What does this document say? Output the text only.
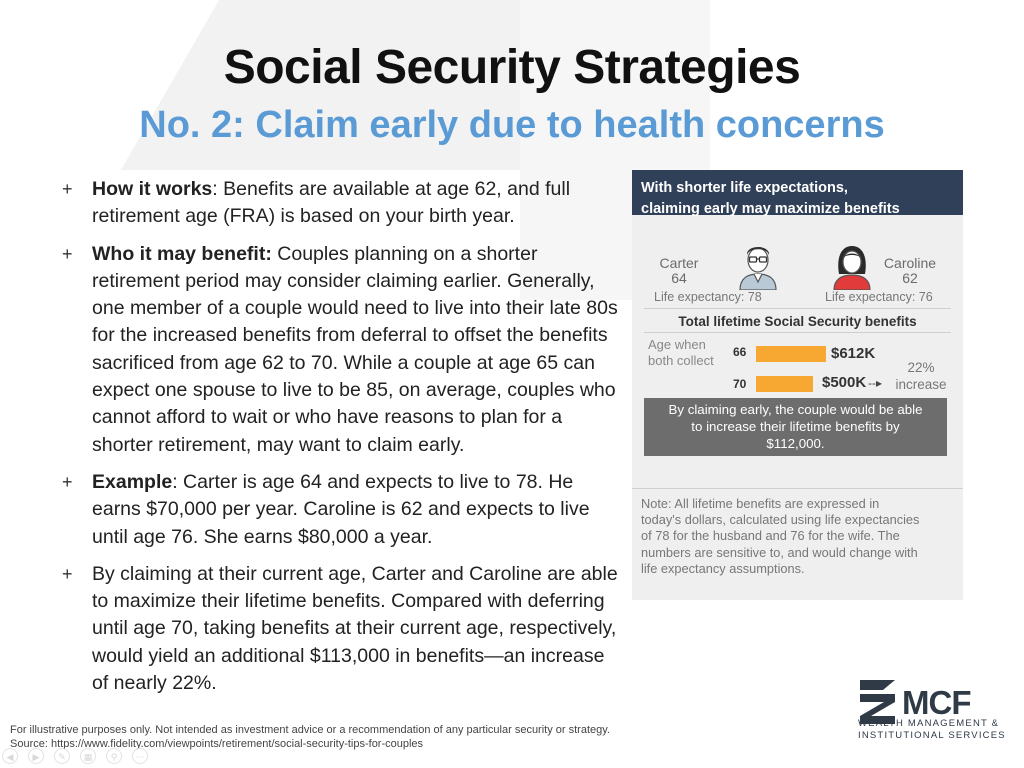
Social Security Strategies
No. 2: Claim early due to health concerns
+ How it works: Benefits are available at age 62, and full retirement age (FRA) is based on your birth year.
+ Who it may benefit: Couples planning on a shorter retirement period may consider claiming earlier. Generally, one member of a couple would need to live into their late 80s for the increased benefits from deferral to offset the benefits sacrificed from age 62 to 70. While a couple at age 65 can expect one spouse to live to be 85, on average, couples who cannot afford to wait or who have reasons to plan for a shorter retirement, may want to claim early.
+ Example: Carter is age 64 and expects to live to 78. He earns $70,000 per year. Caroline is 62 and expects to live until age 76. She earns $80,000 a year.
+ By claiming at their current age, Carter and Caroline are able to maximize their lifetime benefits. Compared with deferring until age 70, taking benefits at their current age, respectively, would yield an additional $113,000 in benefits—an increase of nearly 22%.
With shorter life expectations,
claiming early may maximize benefits
Carter
64
Caroline
62
Life expectancy: 78	Life expectancy: 76
Total lifetime Social Security benefits
Age when
both collect
66	$612K
70	$500K --▸
22%
increase
By claiming early, the couple would be able
to increase their lifetime benefits by
$112,000.
Note: All lifetime benefits are expressed in
today's dollars, calculated using life expectancies
of 78 for the husband and 76 for the wife. The
numbers are sensitive to, and would change with
life expectancy assumptions.
For illustrative purposes only. Not intended as investment advice or a recommendation of any particular security or strategy.
Source: https://www.fidelity.com/viewpoints/retirement/social-security-tips-for-couples
MCF
WEALTH MANAGEMENT &
INSTITUTIONAL SERVICES
◀	▶	✎	▦	⚲	⋯
